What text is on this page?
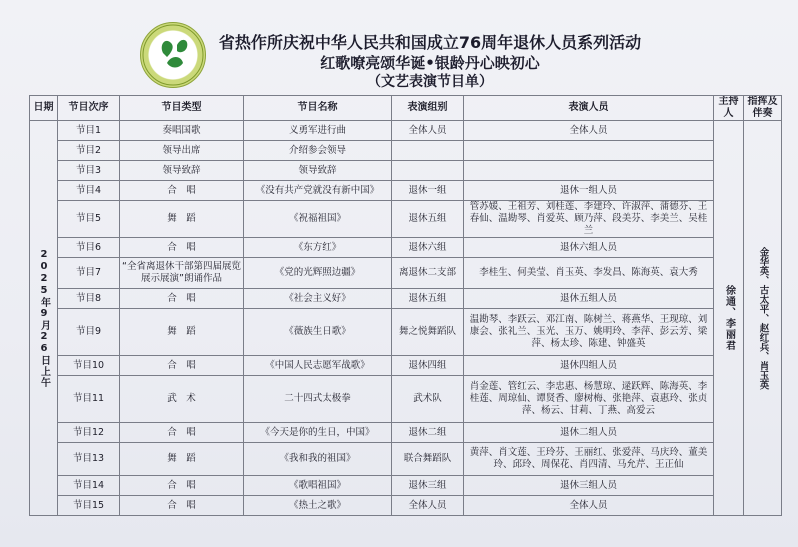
省热作所庆祝中华人民共和国成立76周年退休人员系列活动
红歌嘹亮颂华诞•银龄丹心映初心
（文艺表演节目单）
日期	节目次序	节目类型	节目名称	表演组别	表演人员	主持人	指挥及伴奏
2025年9月26日上午	节目1	奏唱国歌	义勇军进行曲	全体人员	全体人员	徐通、李丽君	金华英、古太平、赵红兵、肖玉英
	节目2	领导出席	介绍参会领导				
	节目3	领导致辞	领导致辞				
	节目4	合　唱	《没有共产党就没有新中国》	退休一组	退休一组人员		
	节目5	舞　蹈	《祝福祖国》	退休五组	管苏媛、王祖芳、刘桂莲、李建玲、许淑萍、蒲德芬、王春仙、温勘琴、肖爱英、顾乃萍、段美芬、李美兰、吴桂兰		
	节目6	合　唱	《东方红》	退休六组	退休六组人员		
	节目7	“全省离退休干部第四届展览展示展演”朗诵作品	《党的光辉照边疆》	离退休二支部	李桂生、何美莹、肖玉英、李发昌、陈海英、袁大秀		
	节目8	合　唱	《社会主义好》	退休五组	退休五组人员		
	节目9	舞　蹈	《薇族生日歌》	舞之悦舞蹈队	温勘琴、李跃云、邓江南、陈树兰、蒋燕华、王现琼、刘康会、张礼兰、玉光、玉万、姚明玲、李萍、彭云芳、梁萍、杨太珍、陈建、钟盛英		
	节目10	合　唱	《中国人民志愿军战歌》	退休四组	退休四组人员		
	节目11	武　术	二十四式太极拳	武术队	肖金莲、管红云、李忠惠、杨慧琼、逯跃辉、陈海英、李桂莲、周琼仙、谭贤香、廖树梅、张艳萍、袁惠玲、张贞萍、杨云、甘莉、丁燕、高爱云		
	节目12	合　唱	《今天是你的生日，中国》	退休二组	退休二组人员		
	节目13	舞　蹈	《我和我的祖国》	联合舞蹈队	黄萍、肖文莲、王玲芬、王丽红、张爱萍、马庆玲、董美玲、邱玲、周保花、肖四清、马允芹、王正仙		
	节目14	合　唱	《歌唱祖国》	退休三组	退休三组人员		
	节目15	合　唱	《热土之歌》	全体人员	全体人员		
